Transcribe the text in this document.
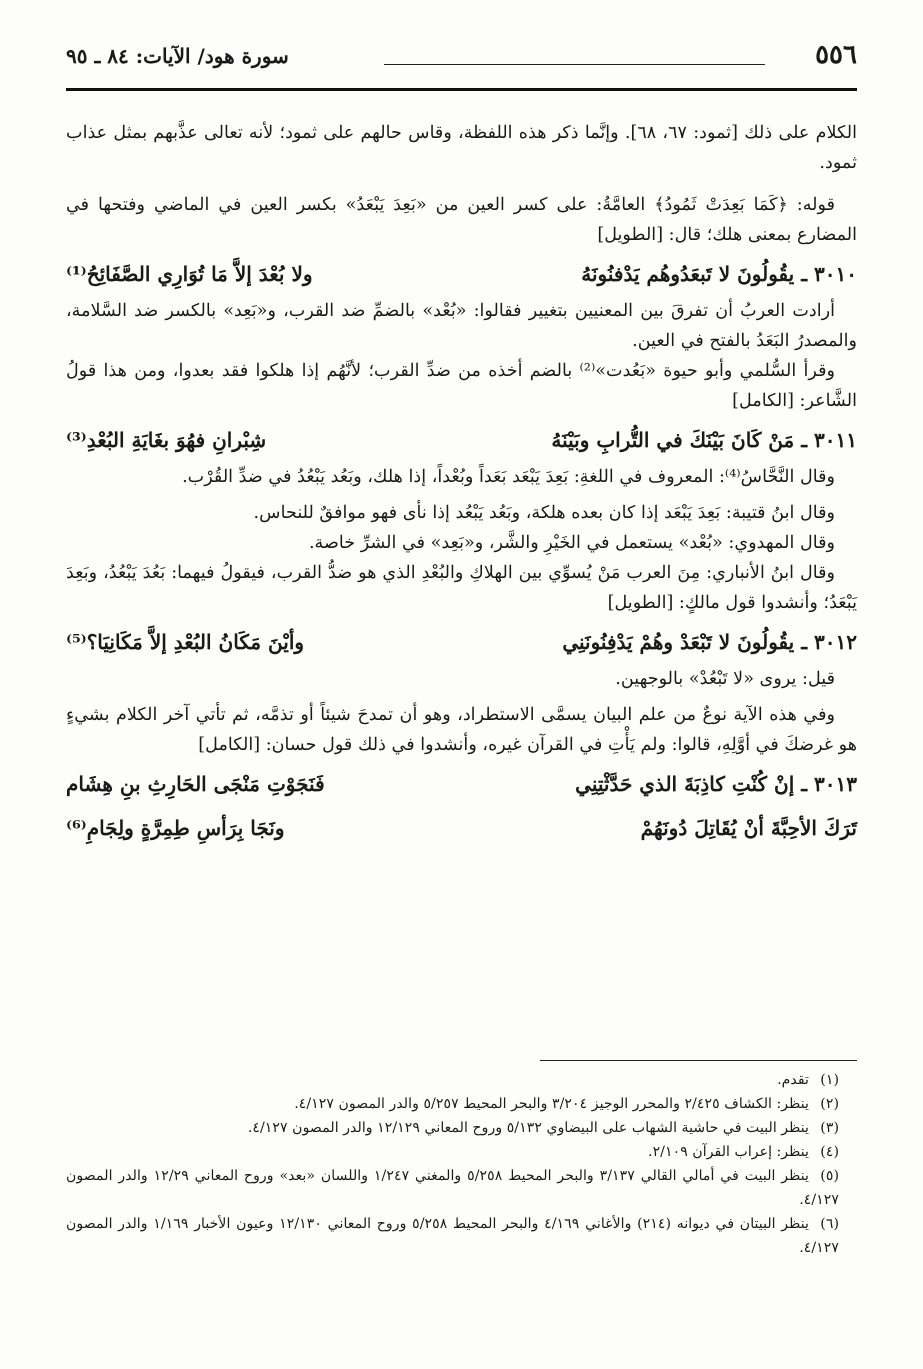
٥٥٦
سورة هود/ الآيات: ٨٤ ـ ٩٥

الكلام على ذلك [ثمود: ٦٧، ٦٨]. وإنَّما ذكر هذه اللفظة، وقاس حالهم على ثمود؛ لأنه تعالى عذَّبهم بمثل عذاب ثمود.

قوله: ﴿كَمَا بَعِدَتْ ثَمُودُ﴾ العامَّةُ: على كسر العين من «بَعِدَ يَبْعَدُ» بكسر العين في الماضي وفتحها في المضارع بمعنى هلك؛ قال: [الطويل]

٣٠١٠ ـ يقُولُونَ لا تَبعَدُوهُم يَدْفنُونَهُ
ولا بُعْدَ إلاَّ مَا تُوَارِي الصَّفَائِحُ⁽¹⁾

أرادت العربُ أن تفرقَ بين المعنيين بتغيير فقالوا: «بُعْد» بالضمِّ ضد القرب، و«بَعِد» بالكسر ضد السَّلامة، والمصدرُ البَعَدُ بالفتح في العين.

وقرأ السُّلمي وأبو حيوة «بَعُدت»⁽²⁾ بالضم أخذه من ضدِّ القرب؛ لأنَّهُم إذا هلكوا فقد بعدوا، ومن هذا قولُ الشَّاعر: [الكامل]

٣٠١١ ـ مَنْ كَانَ بَيْنَكَ في التُّرابِ وبَيْنَهُ
شِبْرانِ فهُوَ بغَايَةِ البُعْدِ⁽³⁾

وقال النَّحَّاسُ⁽⁴⁾: المعروف في اللغةِ: بَعِدَ يَبْعَد بَعَداً وبُعْداً، إذا هلك، وبَعُد يَبْعُدُ في ضدِّ القُرْب.

وقال ابنُ قتيبة: بَعِدَ يَبْعَد إذا كان بعده هلكة، وبَعُد يَبْعُد إذا نأى فهو موافقٌ للنحاس.

وقال المهدوي: «بُعْد» يستعمل في الخَيْرِ والشَّر، و«بَعِد» في الشرِّ خاصة.

وقال ابنُ الأنباري: مِنَ العرب مَنْ يُسوِّي بين الهلاكِ والبُعْدِ الذي هو ضدُّ القرب، فيقولُ فيهما: بَعُدَ يَبْعُدُ، وبَعِدَ يَبْعَدُ؛ وأنشدوا قول مالكٍ: [الطويل]

٣٠١٢ ـ يقُولُونَ لا تَبْعَدْ وهُمْ يَدْفِنُونَنِي
وأيْنَ مَكَانُ البُعْدِ إلاَّ مَكَانِيَا؟⁽⁵⁾

قيل: يروى «لا تَبْعُدْ» بالوجهين.

وفي هذه الآية نوعٌ من علم البيان يسمَّى الاستطراد، وهو أن تمدحَ شيئاً أو تذمَّه، ثم تأتي آخر الكلام بشيءٍ هو غرضكَ في أوَّلِهِ، قالوا: ولم يَأْتِ في القرآن غيره، وأنشدوا في ذلك قول حسان: [الكامل]

٣٠١٣ ـ إنْ كُنْتِ كاذِبَةَ الذي حَدَّثْتِنِي
فَنَجَوْتِ مَنْجَى الحَارِثِ بنِ هِشَام
تَرَكَ الأحِبَّةَ أنْ يُقَاتِلَ دُونَهُمْ
ونَجَا بِرَأسِ طِمِرَّةٍ ولِجَامِ⁽⁶⁾

(١)تقدم.

(٢)ينظر: الكشاف ٢/٤٢٥ والمحرر الوجيز ٣/٢٠٤ والبحر المحيط ٥/٢٥٧ والدر المصون ٤/١٢٧.

(٣)ينظر البيت في حاشية الشهاب على البيضاوي ٥/١٣٢ وروح المعاني ١٢/١٢٩ والدر المصون ٤/١٢٧.

(٤)ينظر: إعراب القرآن ٢/١٠٩.

(٥)ينظر البيت في أمالي القالي ٣/١٣٧ والبحر المحيط ٥/٢٥٨ والمغني ١/٢٤٧ واللسان «بعد» وروح المعاني ١٢/٢٩ والدر المصون ٤/١٢٧.

(٦)ينظر البيتان في ديوانه (٢١٤) والأغاني ٤/١٦٩ والبحر المحيط ٥/٢٥٨ وروح المعاني ١٢/١٣٠ وعيون الأخبار ١/١٦٩ والدر المصون ٤/١٢٧.
